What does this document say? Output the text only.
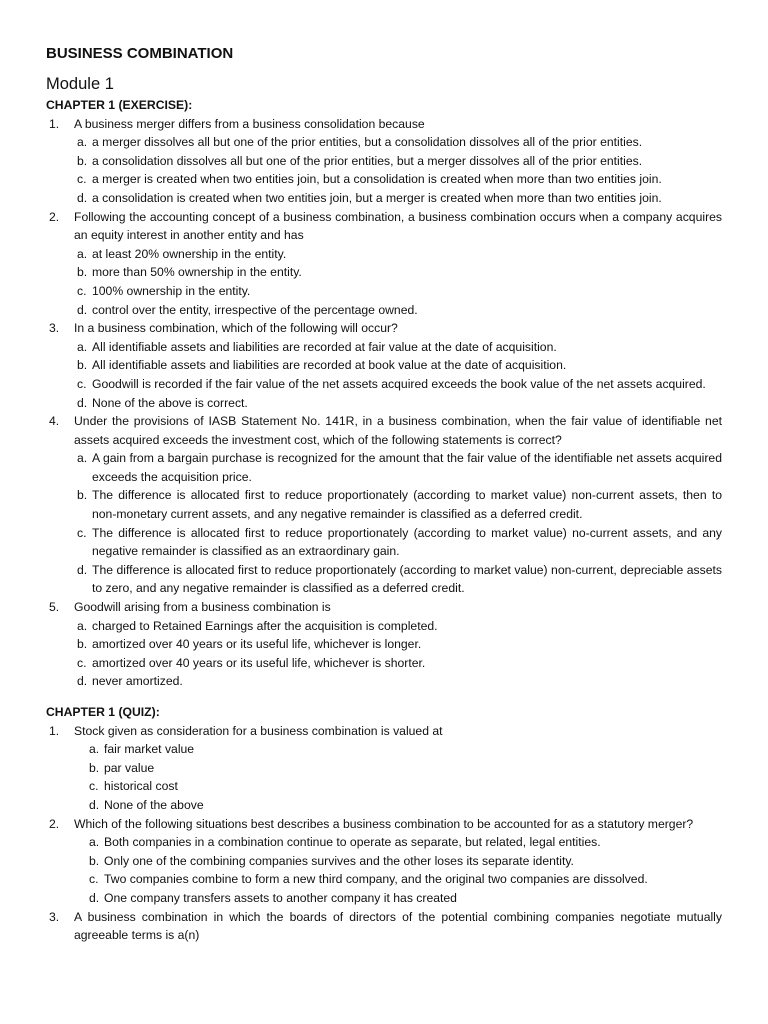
BUSINESS COMBINATION
Module 1
CHAPTER 1 (EXERCISE):
1. A business merger differs from a business consolidation because
a. a merger dissolves all but one of the prior entities, but a consolidation dissolves all of the prior entities.
b. a consolidation dissolves all but one of the prior entities, but a merger dissolves all of the prior entities.
c. a merger is created when two entities join, but a consolidation is created when more than two entities join.
d. a consolidation is created when two entities join, but a merger is created when more than two entities join.
2. Following the accounting concept of a business combination, a business combination occurs when a company acquires an equity interest in another entity and has
a. at least 20% ownership in the entity.
b. more than 50% ownership in the entity.
c. 100% ownership in the entity.
d. control over the entity, irrespective of the percentage owned.
3. In a business combination, which of the following will occur?
a. All identifiable assets and liabilities are recorded at fair value at the date of acquisition.
b. All identifiable assets and liabilities are recorded at book value at the date of acquisition.
c. Goodwill is recorded if the fair value of the net assets acquired exceeds the book value of the net assets acquired.
d. None of the above is correct.
4. Under the provisions of IASB Statement No. 141R, in a business combination, when the fair value of identifiable net assets acquired exceeds the investment cost, which of the following statements is correct?
a. A gain from a bargain purchase is recognized for the amount that the fair value of the identifiable net assets acquired exceeds the acquisition price.
b. The difference is allocated first to reduce proportionately (according to market value) non-current assets, then to non-monetary current assets, and any negative remainder is classified as a deferred credit.
c. The difference is allocated first to reduce proportionately (according to market value) no-current assets, and any negative remainder is classified as an extraordinary gain.
d. The difference is allocated first to reduce proportionately (according to market value) non-current, depreciable assets to zero, and any negative remainder is classified as a deferred credit.
5. Goodwill arising from a business combination is
a. charged to Retained Earnings after the acquisition is completed.
b. amortized over 40 years or its useful life, whichever is longer.
c. amortized over 40 years or its useful life, whichever is shorter.
d. never amortized.
CHAPTER 1 (QUIZ):
1. Stock given as consideration for a business combination is valued at
a. fair market value
b. par value
c. historical cost
d. None of the above
2. Which of the following situations best describes a business combination to be accounted for as a statutory merger?
a. Both companies in a combination continue to operate as separate, but related, legal entities.
b. Only one of the combining companies survives and the other loses its separate identity.
c. Two companies combine to form a new third company, and the original two companies are dissolved.
d. One company transfers assets to another company it has created
3. A business combination in which the boards of directors of the potential combining companies negotiate mutually agreeable terms is a(n)
